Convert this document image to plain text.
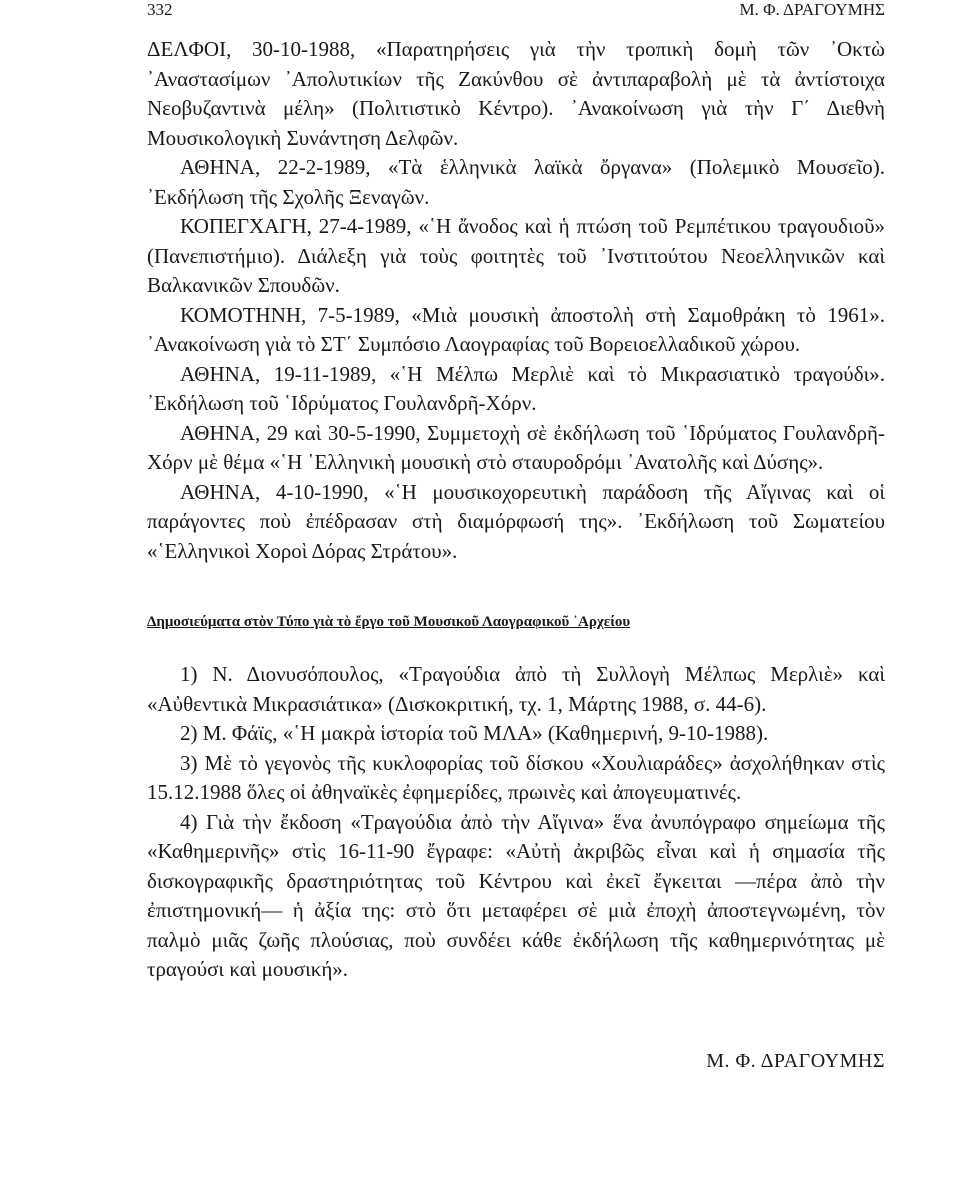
332	Μ. Φ. ΔΡΑΓΟΥΜΗΣ

ΔΕΛΦΟΙ, 30-10-1988, «Παρατηρήσεις γιὰ τὴν τροπικὴ δομὴ τῶν ᾿Οκτὼ ᾿Αναστασίμων ᾿Απολυτικίων τῆς Ζακύνθου σὲ ἀντιπαραβολὴ μὲ τὰ ἀντίστοιχα Νεοβυζαντινὰ μέλη» (Πολιτιστικὸ Κέντρο). ᾿Ανακοίνωση γιὰ τὴν Γ΄ Διεθνὴ Μουσικολογικὴ Συνάντηση Δελφῶν.

ΑΘΗΝΑ, 22-2-1989, «Τὰ ἑλληνικὰ λαϊκὰ ὄργανα» (Πολεμικὸ Μουσεῖο). ᾿Εκδήλωση τῆς Σχολῆς Ξεναγῶν.

ΚΟΠΕΓΧΑΓΗ, 27-4-1989, «῾Η ἄνοδος καὶ ἡ πτώση τοῦ Ρεμπέτικου τραγουδιοῦ» (Πανεπιστήμιο). Διάλεξη γιὰ τοὺς φοιτητὲς τοῦ ᾿Ινστιτούτου Νεοελληνικῶν καὶ Βαλκανικῶν Σπουδῶν.

ΚΟΜΟΤΗΝΗ, 7-5-1989, «Μιὰ μουσικὴ ἀποστολὴ στὴ Σαμοθράκη τὸ 1961». ᾿Ανακοίνωση γιὰ τὸ ΣΤ΄ Συμπόσιο Λαογραφίας τοῦ Βορειοελλαδικοῦ χώρου.

ΑΘΗΝΑ, 19-11-1989, «῾Η Μέλπω Μερλιὲ καὶ τὸ Μικρασιατικὸ τραγούδι». ᾿Εκδήλωση τοῦ ῾Ιδρύματος Γουλανδρῆ-Χόρν.

ΑΘΗΝΑ, 29 καὶ 30-5-1990, Συμμετοχὴ σὲ ἐκδήλωση τοῦ ῾Ιδρύματος Γουλανδρῆ-Χόρν μὲ θέμα «῾Η ῾Ελληνικὴ μουσικὴ στὸ σταυροδρόμι ᾿Ανατολῆς καὶ Δύσης».

ΑΘΗΝΑ, 4-10-1990, «῾Η μουσικοχορευτικὴ παράδοση τῆς Αἴγινας καὶ οἱ παράγοντες ποὺ ἐπέδρασαν στὴ διαμόρφωσή της». ᾿Εκδήλωση τοῦ Σωματείου «῾Ελληνικοὶ Χοροὶ Δόρας Στράτου».

Δημοσιεύματα στὸν Τύπο γιὰ τὸ ἔργο τοῦ Μουσικοῦ Λαογραφικοῦ ᾿Αρχείου

1) Ν. Διονυσόπουλος, «Τραγούδια ἀπὸ τὴ Συλλογὴ Μέλπως Μερλιὲ» καὶ «Αὐθεντικὰ Μικρασιάτικα» (Δισκοκριτική, τχ. 1, Μάρτης 1988, σ. 44-6).

2) Μ. Φάϊς, «῾Η μακρὰ ἱστορία τοῦ ΜΛΑ» (Καθημερινή, 9-10-1988).

3) Μὲ τὸ γεγονὸς τῆς κυκλοφορίας τοῦ δίσκου «Χουλιαράδες» ἀσχολήθηκαν στὶς 15.12.1988 ὅλες οἱ ἀθηναϊκὲς ἐφημερίδες, πρωινὲς καὶ ἀπογευματινές.

4) Γιὰ τὴν ἔκδοση «Τραγούδια ἀπὸ τὴν Αἴγινα» ἕνα ἀνυπόγραφο σημείωμα τῆς «Καθημερινῆς» στὶς 16-11-90 ἔγραφε: «Αὐτὴ ἀκριβῶς εἶναι καὶ ἡ σημασία τῆς δισκογραφικῆς δραστηριότητας τοῦ Κέντρου καὶ ἐκεῖ ἔγκειται —πέρα ἀπὸ τὴν ἐπιστημονική— ἡ ἀξία της: στὸ ὅτι μεταφέρει σὲ μιὰ ἐποχὴ ἀποστεγνωμένη, τὸν παλμὸ μιᾶς ζωῆς πλούσιας, ποὺ συνδέει κάθε ἐκδήλωση τῆς καθημερινότητας μὲ τραγούσι καὶ μουσική».

Μ. Φ. ΔΡΑΓΟΥΜΗΣ
